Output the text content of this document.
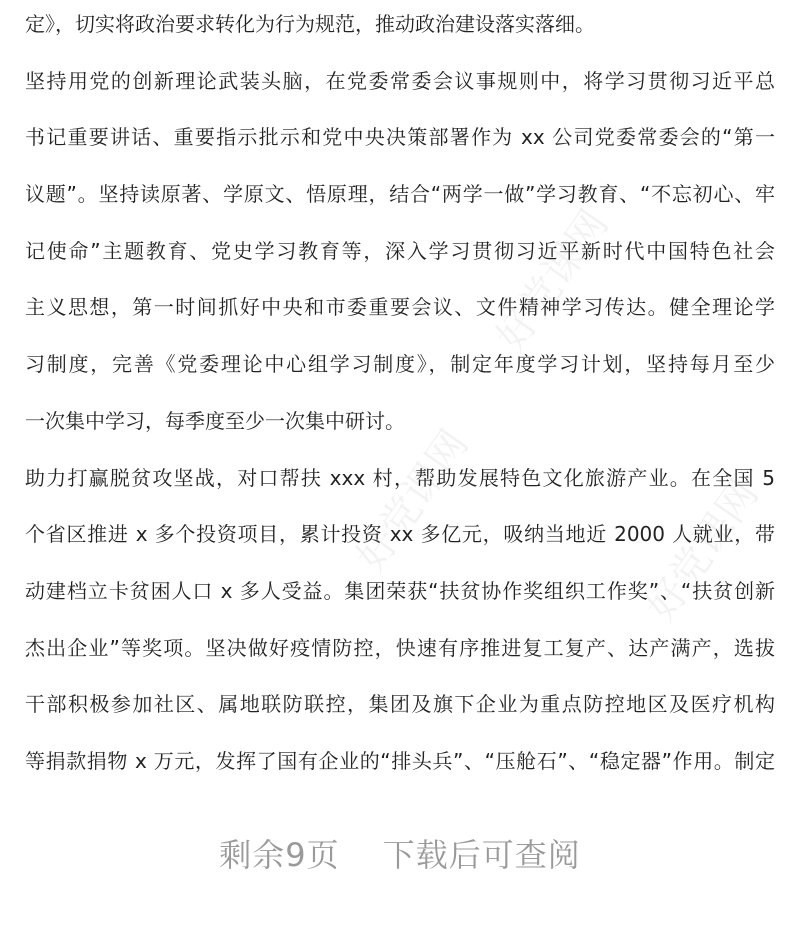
好党课网
好党课网	好党课网
定》，切实将政治要求转化为行为规范，推动政治建设落实落细。
坚持用党的创新理论武装头脑，在党委常委会议事规则中，将学习贯彻习近平总
书记重要讲话、重要指示批示和党中央决策部署作为 xx 公司党委常委会的“第一
议题”。坚持读原著、学原文、悟原理，结合“两学一做”学习教育、“不忘初心、牢
记使命”主题教育、党史学习教育等，深入学习贯彻习近平新时代中国特色社会
主义思想，第一时间抓好中央和市委重要会议、文件精神学习传达。健全理论学
习制度，完善《党委理论中心组学习制度》，制定年度学习计划，坚持每月至少
一次集中学习，每季度至少一次集中研讨。
助力打赢脱贫攻坚战，对口帮扶 xxx 村，帮助发展特色文化旅游产业。在全国 5
个省区推进 x 多个投资项目，累计投资 xx 多亿元，吸纳当地近 2000 人就业，带
动建档立卡贫困人口 x 多人受益。集团荣获“扶贫协作奖组织工作奖”、“扶贫创新
杰出企业”等奖项。坚决做好疫情防控，快速有序推进复工复产、达产满产，选拔
干部积极参加社区、属地联防联控，集团及旗下企业为重点防控地区及医疗机构
等捐款捐物 x 万元，发挥了国有企业的“排头兵”、“压舱石”、“稳定器”作用。制定
剩余9页 下载后可查阅
